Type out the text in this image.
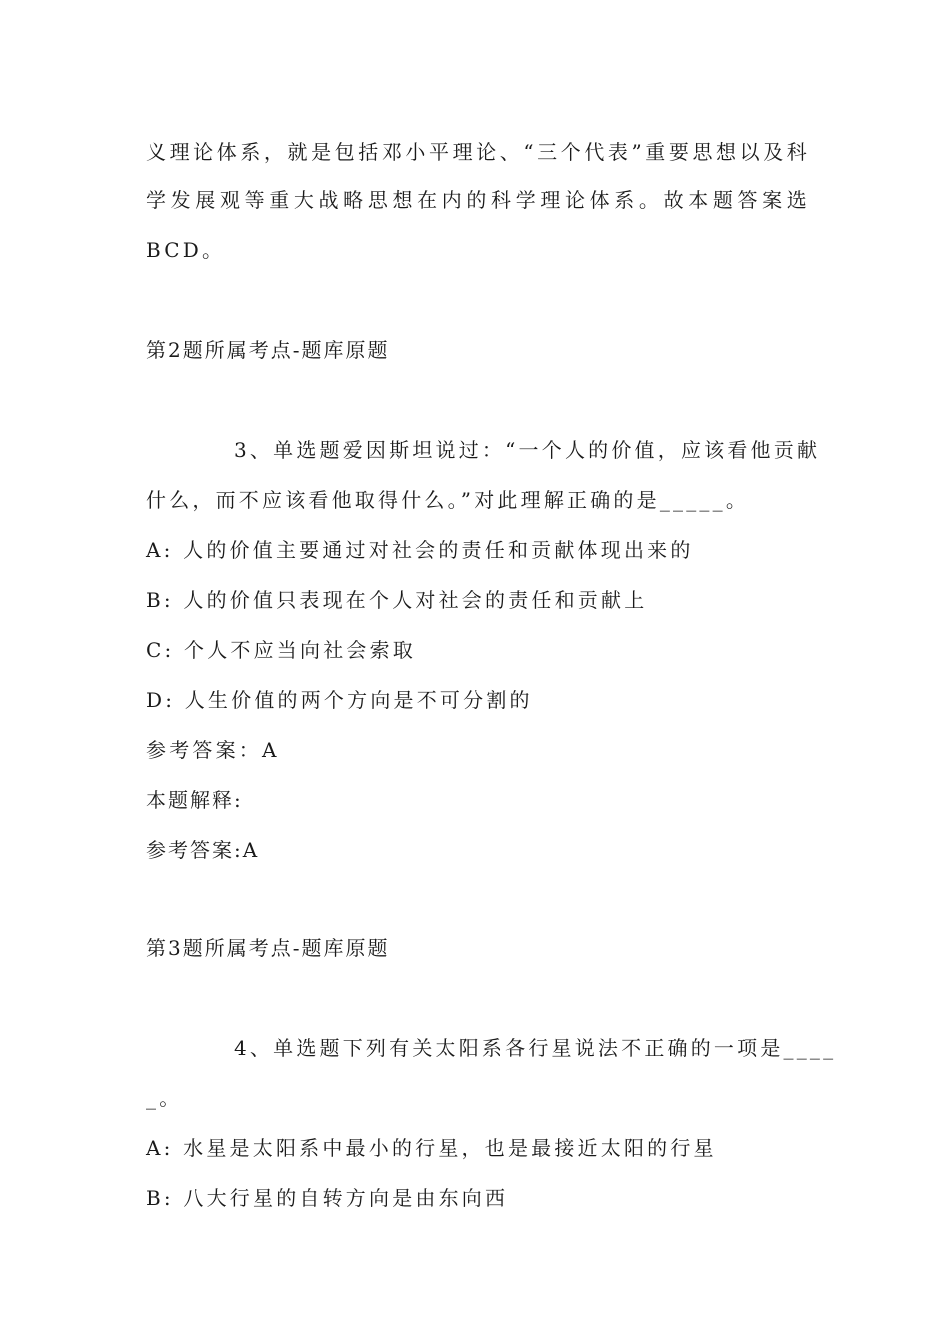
义理论体系，就是包括邓小平理论、“三个代表”重要思想以及科
学发展观等重大战略思想在内的科学理论体系。故本题答案选
BCD。
第2题所属考点-题库原题
3、单选题爱因斯坦说过：“一个人的价值，应该看他贡献
什么，而不应该看他取得什么。”对此理解正确的是_____。
A: 人的价值主要通过对社会的责任和贡献体现出来的
B: 人的价值只表现在个人对社会的责任和贡献上
C: 个人不应当向社会索取
D: 人生价值的两个方向是不可分割的
参考答案：A
本题解释:
参考答案:A
第3题所属考点-题库原题
4、单选题下列有关太阳系各行星说法不正确的一项是____
_。
A: 水星是太阳系中最小的行星，也是最接近太阳的行星
B: 八大行星的自转方向是由东向西
